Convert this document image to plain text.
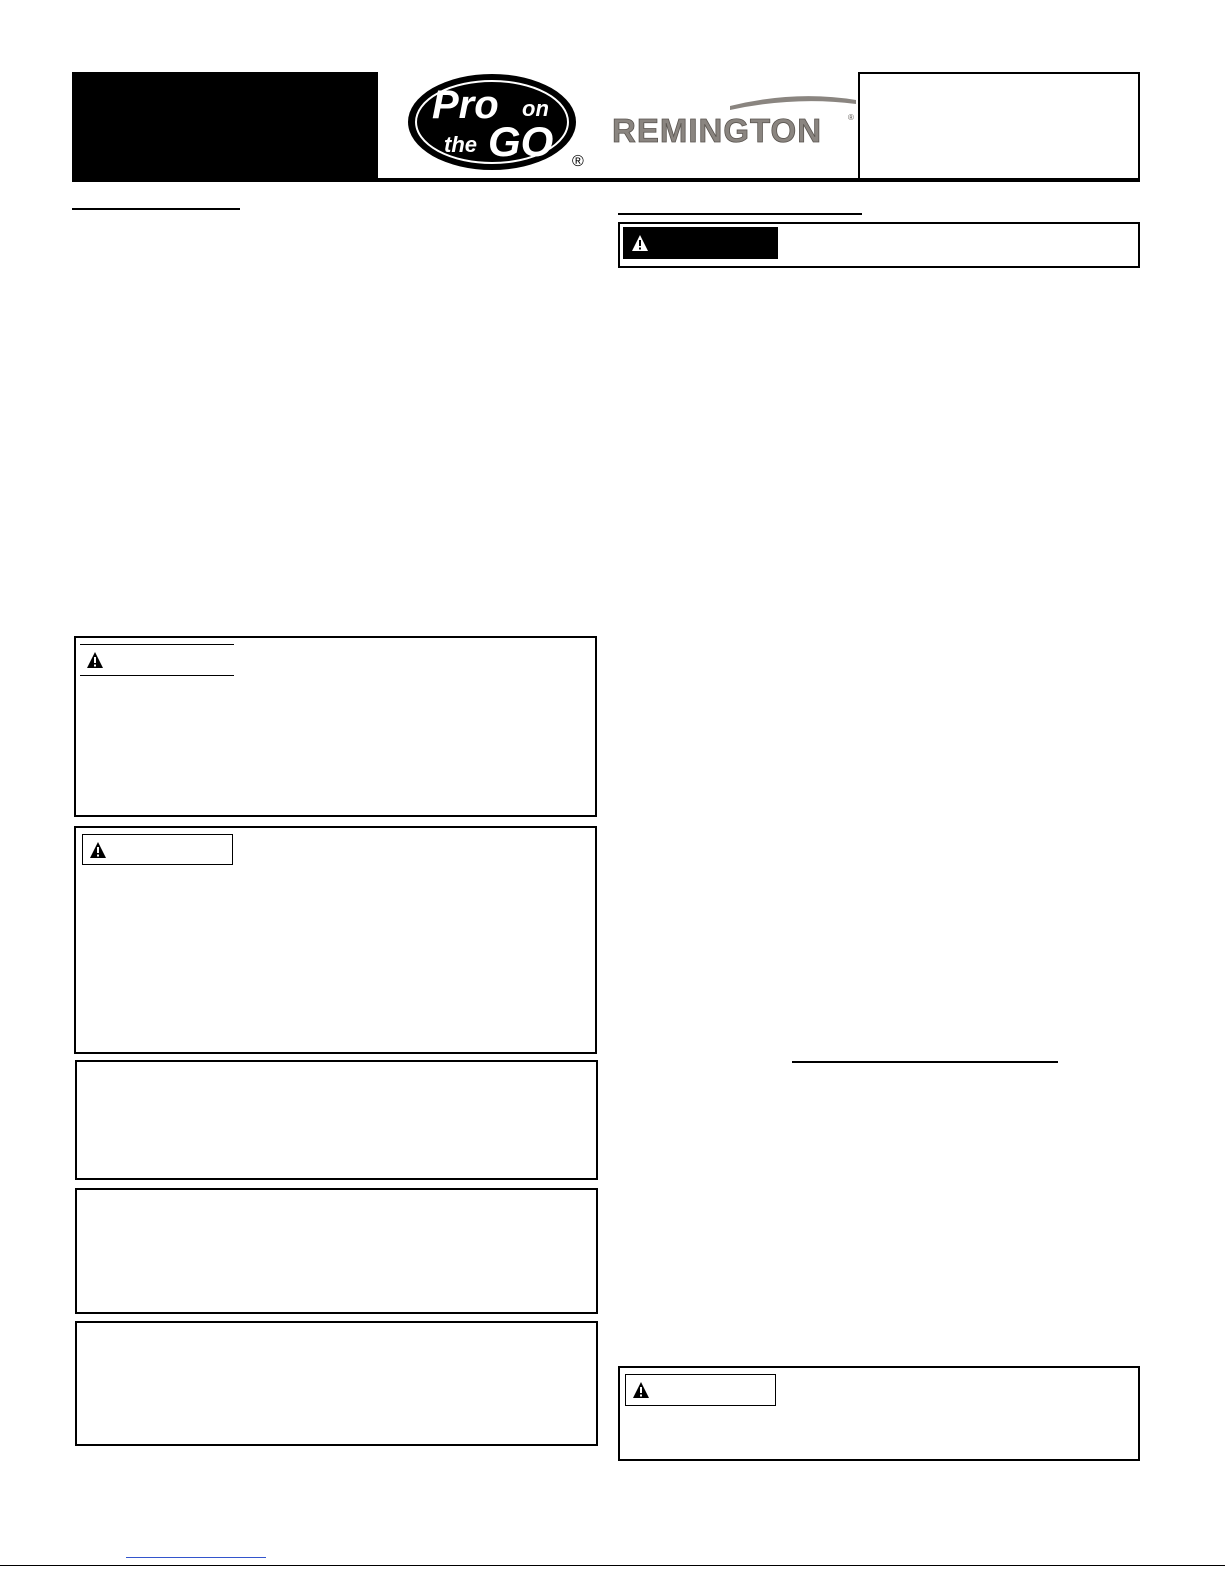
Pro on
the GO ®
REMINGTON	®
